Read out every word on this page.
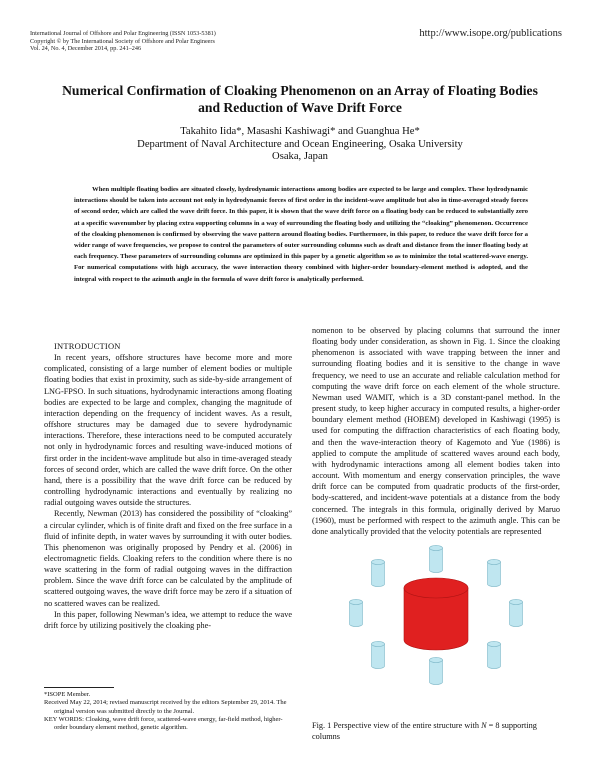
International Journal of Offshore and Polar Engineering (ISSN 1053-5381)
Copyright © by The International Society of Offshore and Polar Engineers
Vol. 24, No. 4, December 2014, pp. 241–246
http://www.isope.org/publications
Numerical Confirmation of Cloaking Phenomenon on an Array of Floating Bodies
and Reduction of Wave Drift Force
Takahito Iida*, Masashi Kashiwagi* and Guanghua He*
Department of Naval Architecture and Ocean Engineering, Osaka University
Osaka, Japan
When multiple floating bodies are situated closely, hydrodynamic interactions among bodies are expected to be large and complex. These hydrodynamic interactions should be taken into account not only in hydrodynamic forces of first order in the incident-wave amplitude but also in time-averaged steady forces of second order, which are called the wave drift force. In this paper, it is shown that the wave drift force on a floating body can be reduced to substantially zero at a specific wavenumber by placing extra supporting columns in a way of surrounding the floating body and utilizing the “cloaking” phenomenon. Occurrence of the cloaking phenomenon is confirmed by observing the wave pattern around floating bodies. Furthermore, in this paper, to reduce the wave drift force for a wider range of wave frequencies, we propose to control the parameters of outer surrounding columns such as draft and distance from the inner floating body at each frequency. These parameters of surrounding columns are optimized in this paper by a genetic algorithm so as to minimize the total scattered-wave energy. For numerical computations with high accuracy, the wave interaction theory combined with higher-order boundary-element method is adopted, and the integral with respect to the azimuth angle in the formula of wave drift force is analytically performed.

INTRODUCTION

In recent years, offshore structures have become more and more complicated, consisting of a large number of element bodies or multiple floating bodies that exist in proximity, such as side-by-side arrangement of LNG-FPSO. In such situations, hydrodynamic interactions among floating bodies are expected to be large and complex, changing the magnitude of interaction depending on the frequency of incident waves. As a result, offshore structures may be damaged due to severe hydrodynamic interactions. Therefore, these interactions need to be computed accurately not only in hydrodynamic forces and resulting wave-induced motions of first order in the incident-wave amplitude but also in time-averaged steady forces of second order, which are called the wave drift force. On the other hand, there is a possibility that the wave drift force can be reduced by controlling hydrodynamic interactions and eventually by realizing no radial outgoing waves outside the structures.

Recently, Newman (2013) has considered the possibility of “cloaking” a circular cylinder, which is of finite draft and fixed on the free surface in a fluid of infinite depth, in water waves by surrounding it with outer bodies. This phenomenon was originally proposed by Pendry et al. (2006) in electromagnetic fields. Cloaking refers to the condition where there is no wave scattering in the form of radial outgoing waves in the diffraction problem. Since the wave drift force can be calculated by the amplitude of scattered outgoing waves, the wave drift force may be zero if a situation of no scattered waves can be realized.

In this paper, following Newman’s idea, we attempt to reduce the wave drift force by utilizing positively the cloaking phe-

nomenon to be observed by placing columns that surround the inner floating body under consideration, as shown in Fig. 1. Since the cloaking phenomenon is associated with wave trapping between the inner and surrounding floating bodies and it is sensitive to the change in wave frequency, we need to use an accurate and reliable calculation method for computing the wave drift force on each element of the whole structure. Newman used WAMIT, which is a 3D constant-panel method. In the present study, to keep higher accuracy in computed results, a higher-order boundary element method (HOBEM) developed in Kashiwagi (1995) is used for computing the diffraction characteristics of each floating body, and then the wave-interaction theory of Kagemoto and Yue (1986) is applied to compute the amplitude of scattered waves around each body, with hydrodynamic interactions among all element bodies taken into account. With momentum and energy conservation principles, the wave drift force can be computed from quadratic products of the first-order, body-scattered, and incident-wave potentials at a distance from the body concerned. The integrals in this formula, originally derived by Maruo (1960), must be performed with respect to the azimuth angle. This can be done analytically provided that the velocity potentials are represented

*ISOPE Member.

Received May 22, 2014; revised manuscript received by the editors September 29, 2014. The original version was submitted directly to the Journal.

KEY WORDS: Cloaking, wave drift force, scattered-wave energy, far-field method, higher-order boundary element method, genetic algorithm.	Fig. 1 Perspective view of the entire structure with N = 8 supporting columns
